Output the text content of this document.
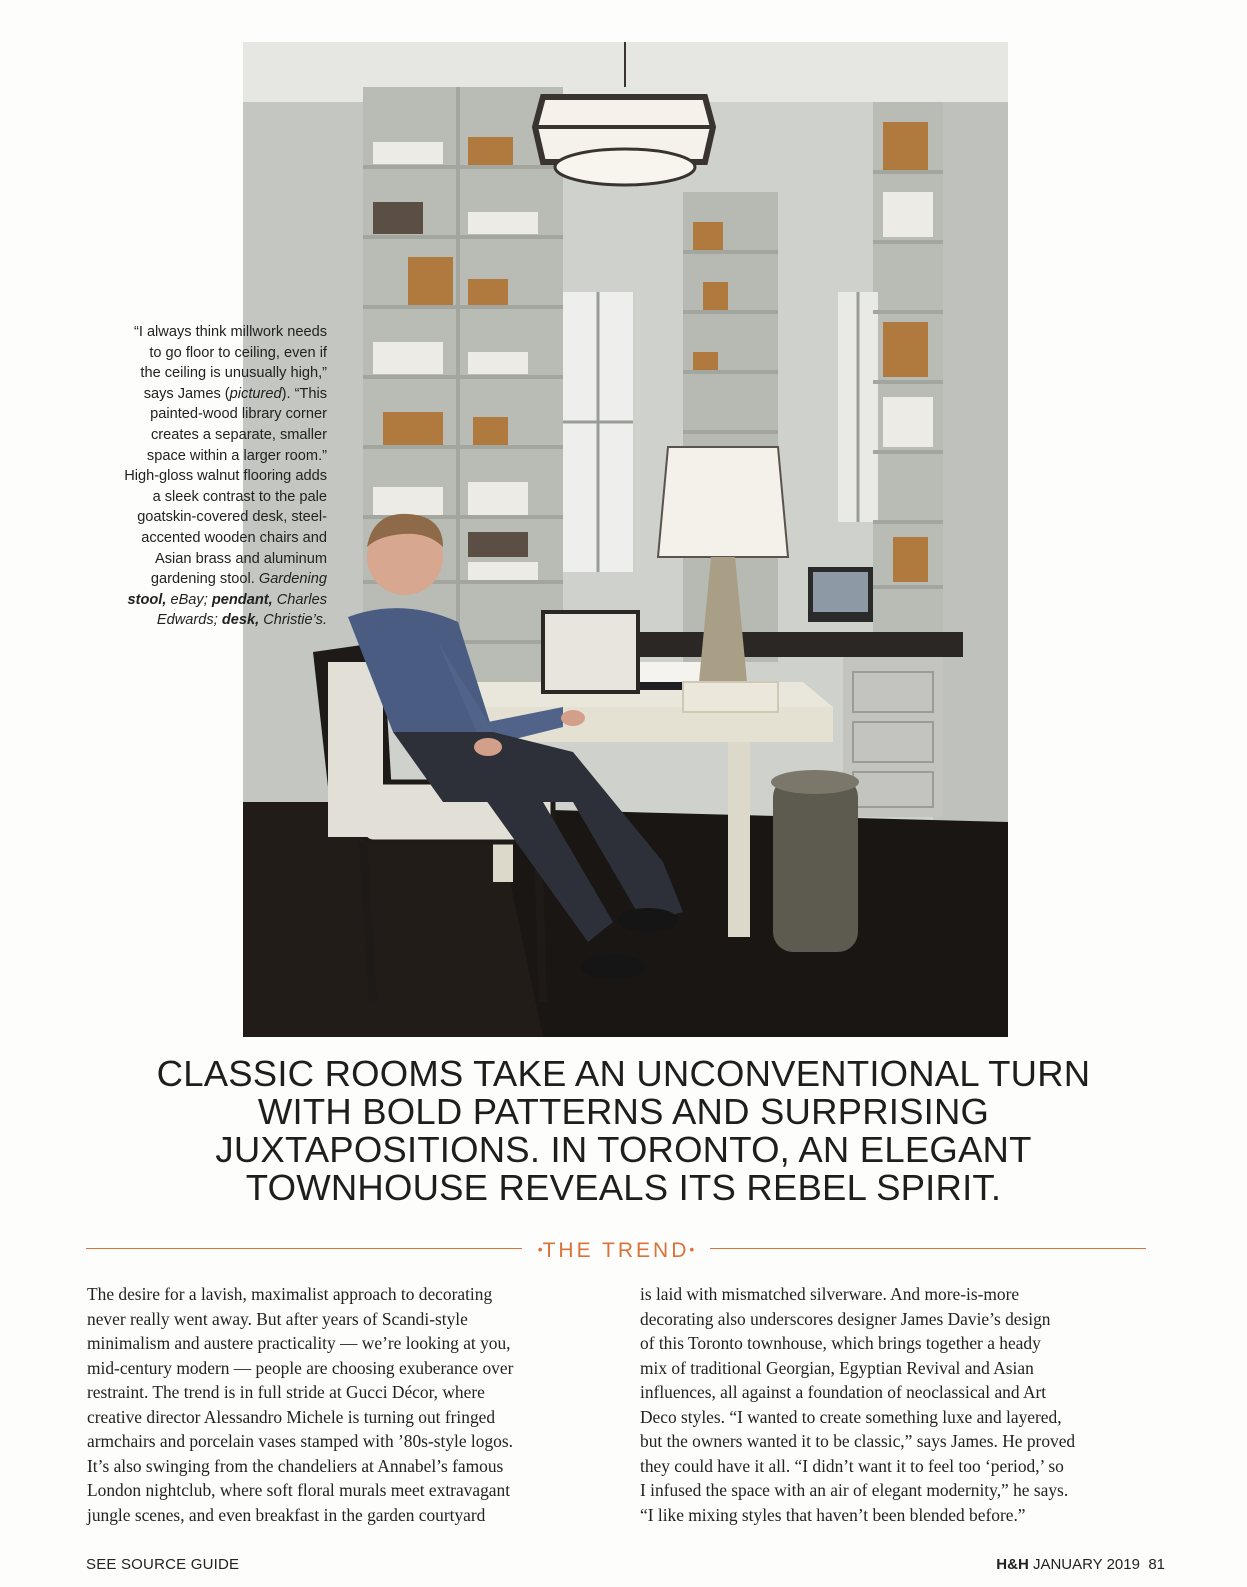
“I always think millwork needs
to go floor to ceiling, even if
the ceiling is unusually high,”
says James (pictured). “This
painted-wood library corner
creates a separate, smaller
space within a larger room.”
High-gloss walnut flooring adds
a sleek contrast to the pale
goatskin-covered desk, steel-
accented wooden chairs and
Asian brass and aluminum
gardening stool. Gardening
stool, eBay; pendant, Charles
Edwards; desk, Christie’s.
CLASSIC ROOMS TAKE AN UNCONVENTIONAL TURN
WITH BOLD PATTERNS AND SURPRISING
JUXTAPOSITIONS. IN TORONTO, AN ELEGANT
TOWNHOUSE REVEALS ITS REBEL SPIRIT.
•THE TREND•
The desire for a lavish, maximalist approach to decorating
never really went away. But after years of Scandi-style
minimalism and austere practicality — we’re looking at you,
mid-century modern — people are choosing exuberance over
restraint. The trend is in full stride at Gucci Décor, where
creative director Alessandro Michele is turning out fringed
armchairs and porcelain vases stamped with ’80s-style logos.
It’s also swinging from the chandeliers at Annabel’s famous
London nightclub, where soft floral murals meet extravagant
jungle scenes, and even breakfast in the garden courtyard
is laid with mismatched silverware. And more-is-more
decorating also underscores designer James Davie’s design
of this Toronto townhouse, which brings together a heady
mix of traditional Georgian, Egyptian Revival and Asian
influences, all against a foundation of neoclassical and Art
Deco styles. “I wanted to create something luxe and layered,
but the owners wanted it to be classic,” says James. He proved
they could have it all. “I didn’t want it to feel too ‘period,’ so
I infused the space with an air of elegant modernity,” he says.
“I like mixing styles that haven’t been blended before.”
SEE SOURCE GUIDE	H&H JANUARY 2019 81
